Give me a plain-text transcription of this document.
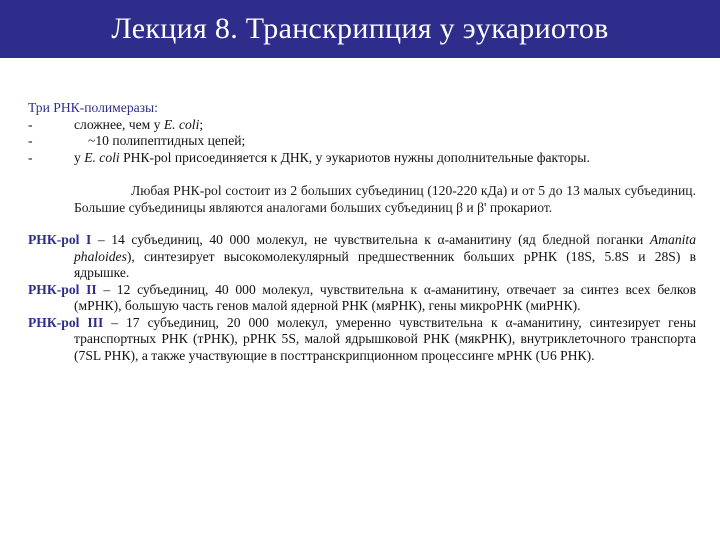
Лекция 8. Транскрипция у эукариотов
Три РНК-полимеразы:
-	сложнее, чем у E. coli;
-	~10 полипептидных цепей;
-	у E. coli РНК-pol присоединяется к ДНК, у эукариотов нужны дополнительные факторы.
Любая РНК-pol состоит из 2 больших субъединиц (120-220 кДа) и от 5 до 13 малых субъединиц. Большие субъединицы являются аналогами больших субъединиц β и β' прокариот.
РНК-pol I – 14 субъединиц, 40 000 молекул, не чувствительна к α-аманитину (яд бледной поганки Amanita phaloides), синтезирует высокомолекулярный предшественник больших рРНК (18S, 5.8S и 28S) в ядрышке.
РНК-pol II – 12 субъединиц, 40 000 молекул, чувствительна к α-аманитину, отвечает за синтез всех белков (мРНК), большую часть генов малой ядерной РНК (мяРНК), гены микроРНК (миРНК).
РНК-pol III – 17 субъединиц, 20 000 молекул, умеренно чувствительна к α-аманитину, синтезирует гены транспортных РНК (тРНК), рРНК 5S, малой ядрышковой РНК (мякРНК), внутриклеточного транспорта (7SL РНК), а также участвующие в посттранскрипционном процессинге мРНК (U6 РНК).
